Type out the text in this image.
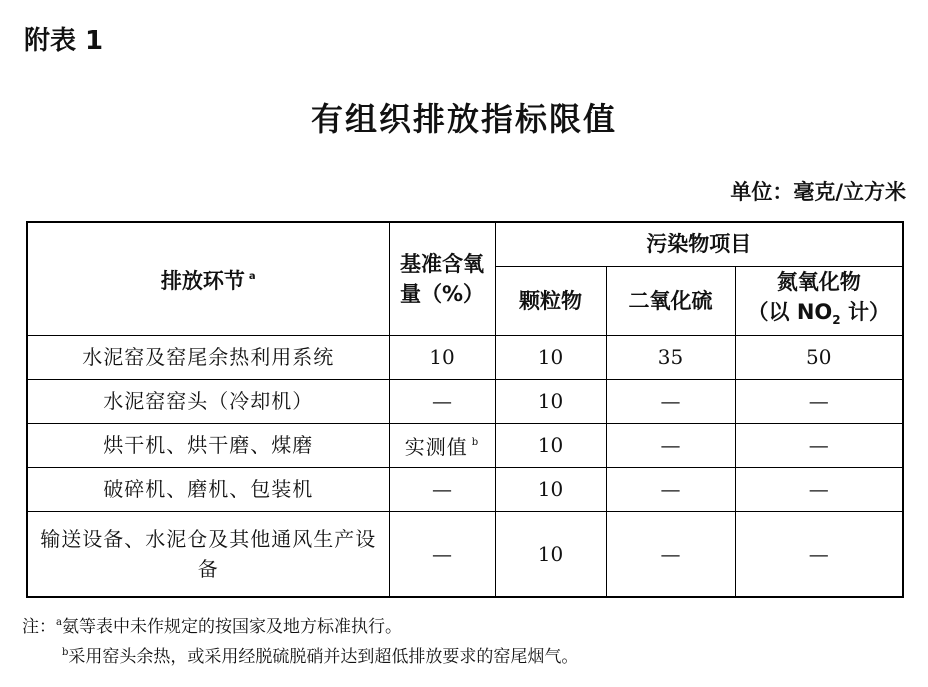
附表 1
有组织排放指标限值
单位：毫克/立方米
排放环节 $^a$	基准含氧量（%）	污染物项目		
		颗粒物	二氧化硫	氮氧化物
（以 $NO_2$ 计）

水泥窑及窑尾余热利用系统	10	10	35	50
水泥窑窑头（冷却机）	—	10	—	—
烘干机、烘干磨、煤磨	实测值 $^b$	10	—	—
破碎机、磨机、包装机	—	10	—	—

输送设备、水泥仓及其他通风生产设备	—	10	—	—
注：$^a$氨等表中未作规定的按国家及地方标准执行。
$^b$采用窑头余热，或采用经脱硫脱硝并达到超低排放要求的窑尾烟气。
